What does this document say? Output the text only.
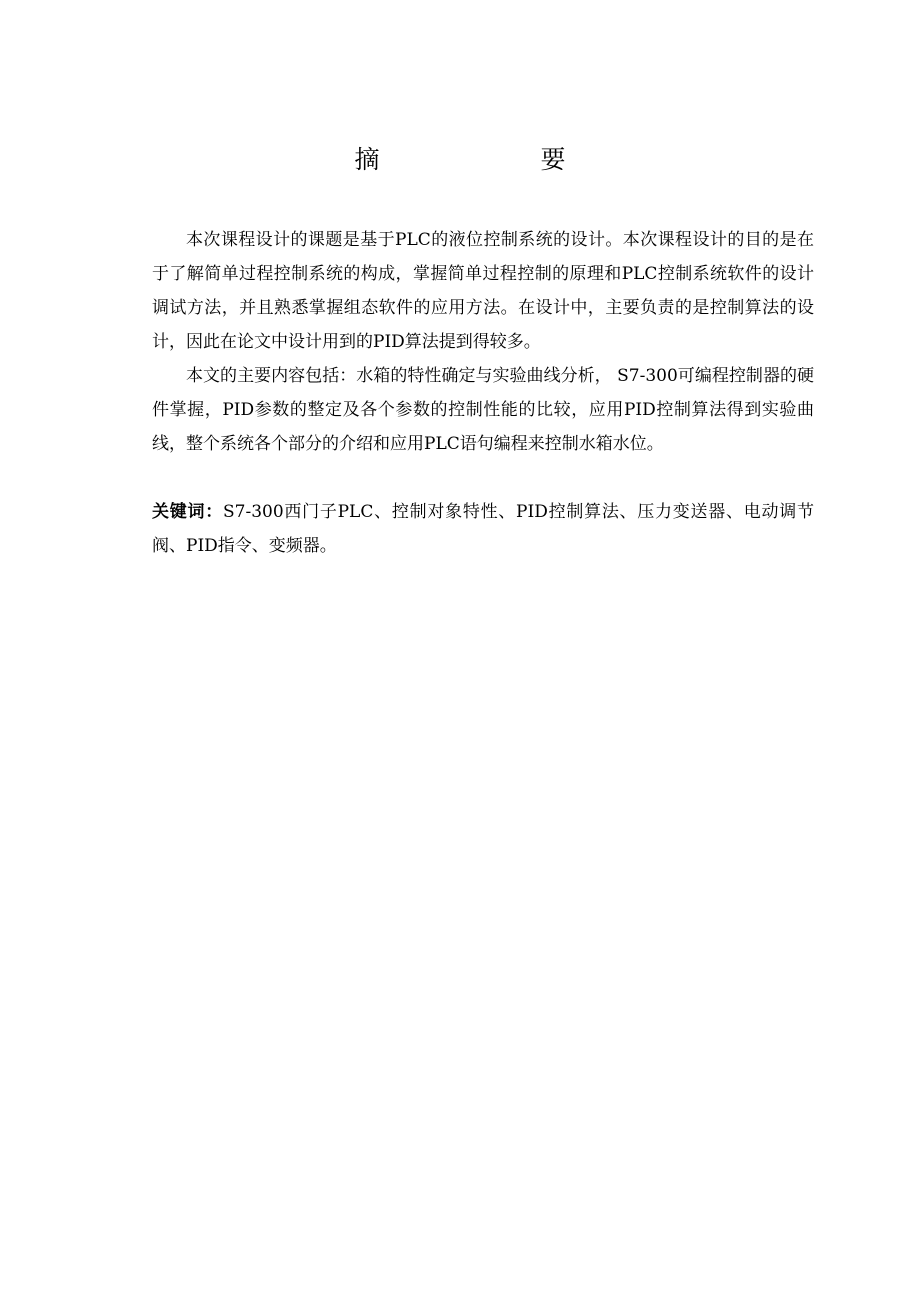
摘　要

本次课程设计的课题是基于PLC的液位控制系统的设计。本次课程设计的目的是在于了解简单过程控制系统的构成，掌握简单过程控制的原理和PLC控制系统软件的设计调试方法，并且熟悉掌握组态软件的应用方法。在设计中，主要负责的是控制算法的设计，因此在论文中设计用到的PID算法提到得较多。

本文的主要内容包括：水箱的特性确定与实验曲线分析， S7-300可编程控制器的硬件掌握，PID参数的整定及各个参数的控制性能的比较，应用PID控制算法得到实验曲线，整个系统各个部分的介绍和应用PLC语句编程来控制水箱水位。

关键词：S7-300西门子PLC、控制对象特性、PID控制算法、压力变送器、电动调节阀、PID指令、变频器。
